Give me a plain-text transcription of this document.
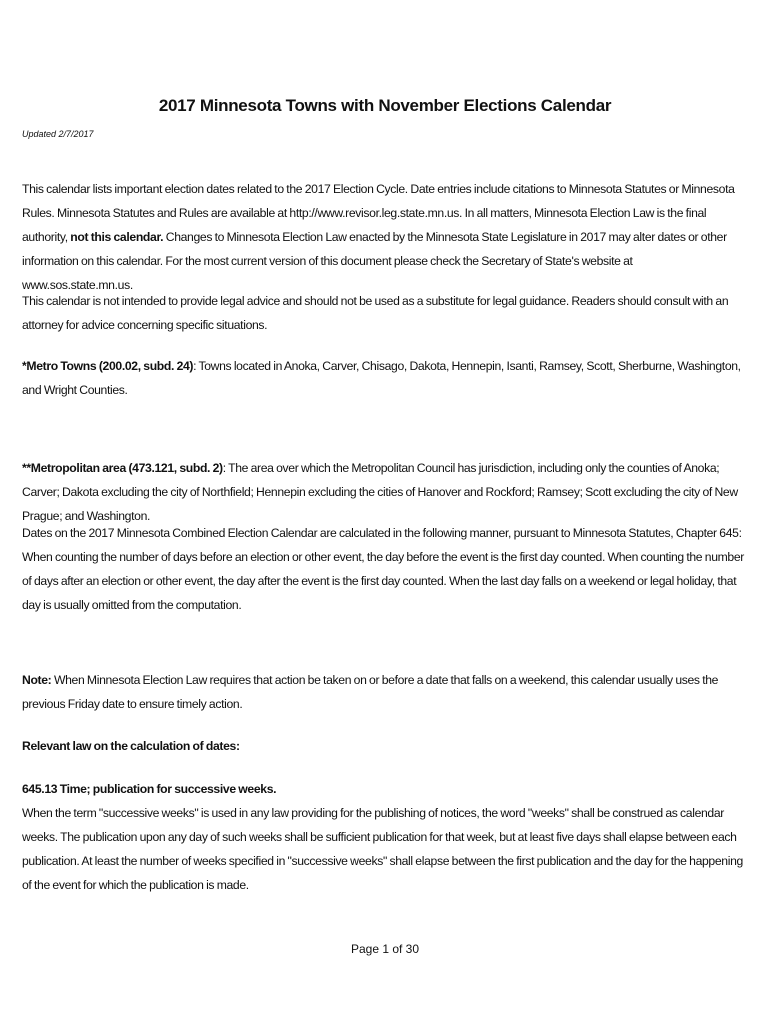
2017 Minnesota Towns with November Elections Calendar

Updated 2/7/2017

This calendar lists important election dates related to the 2017 Election Cycle. Date entries include citations to Minnesota Statutes or Minnesota Rules. Minnesota Statutes and Rules are available at http://www.revisor.leg.state.mn.us. In all matters, Minnesota Election Law is the final authority, not this calendar. Changes to Minnesota Election Law enacted by the Minnesota State Legislature in 2017 may alter dates or other information on this calendar. For the most current version of this document please check the Secretary of State's website at www.sos.state.mn.us.

This calendar is not intended to provide legal advice and should not be used as a substitute for legal guidance. Readers should consult with an attorney for advice concerning specific situations.

*Metro Towns (200.02, subd. 24): Towns located in Anoka, Carver, Chisago, Dakota, Hennepin, Isanti, Ramsey, Scott, Sherburne, Washington, and Wright Counties.

**Metropolitan area (473.121, subd. 2): The area over which the Metropolitan Council has jurisdiction, including only the counties of Anoka; Carver; Dakota excluding the city of Northfield; Hennepin excluding the cities of Hanover and Rockford; Ramsey; Scott excluding the city of New Prague; and Washington.

Dates on the 2017 Minnesota Combined Election Calendar are calculated in the following manner, pursuant to Minnesota Statutes, Chapter 645: When counting the number of days before an election or other event, the day before the event is the first day counted. When counting the number of days after an election or other event, the day after the event is the first day counted. When the last day falls on a weekend or legal holiday, that day is usually omitted from the computation.

Note: When Minnesota Election Law requires that action be taken on or before a date that falls on a weekend, this calendar usually uses the previous Friday date to ensure timely action.

Relevant law on the calculation of dates:

645.13 Time; publication for successive weeks.
When the term "successive weeks" is used in any law providing for the publishing of notices, the word "weeks" shall be construed as calendar weeks. The publication upon any day of such weeks shall be sufficient publication for that week, but at least five days shall elapse between each publication. At least the number of weeks specified in "successive weeks" shall elapse between the first publication and the day for the happening of the event for which the publication is made.

Page 1 of 30
